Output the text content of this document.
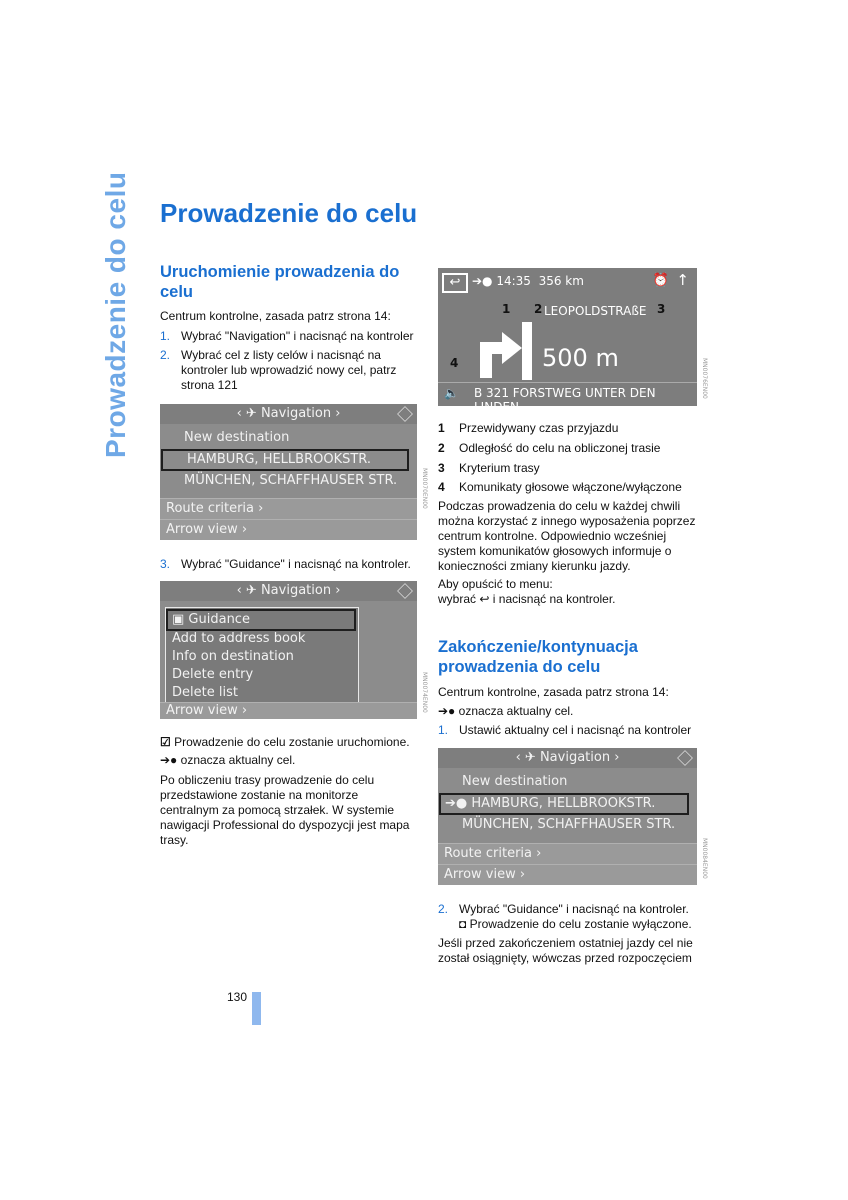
Prowadzenie do celu Prowadzenie do celu
Uruchomienie prowadzenia do celu

Centrum kontrolne, zasada patrz strona 14:

1. Wybrać "Navigation" i nacisnąć na kontroler
2. Wybrać cel z listy celów i nacisnąć na
kontroler lub wprowadzić nowy cel, patrz
strona 121
‹ ✈ Navigation ›
New destination
HAMBURG, HELLBROOKSTR.
MÜNCHEN, SCHAFFHAUSER STR.
Route criteria ›
Arrow view ›
MN0070EN00
3. Wybrać "Guidance" i nacisnąć na kontroler.
‹ ✈ Navigation ›
▣ Guidance
Add to address book
Info on destination
Delete entry
Delete list
Arrow view ›	MN0074EN00
☑ Prowadzenie do celu zostanie uruchomione.
➔● oznacza aktualny cel.
Po obliczeniu trasy prowadzenie do celu
przedstawione zostanie na monitorze
centralnym za pomocą strzałek. W systemie
nawigacji Professional do dyspozycji jest mapa
trasy.
↩ ➔● 14:35 356 km	⏰ ↑
1 2 LEOPOLDSTRAßE 3
500 m
4
🔈 B 321 FORSTWEG UNTER DEN LINDEN
MN0076EN00
1 Przewidywany czas przyjazdu
2 Odległość do celu na obliczonej trasie
3 Kryterium trasy
4 Komunikaty głosowe włączone/wyłączone
Podczas prowadzenia do celu w każdej chwili
można korzystać z innego wyposażenia poprzez
centrum kontrolne. Odpowiednio wcześniej
system komunikatów głosowych informuje o
konieczności zmiany kierunku jazdy.
Aby opuścić to menu:
wybrać ↩ i nacisnąć na kontroler.
Zakończenie/kontynuacja prowadzenia do celu

Centrum kontrolne, zasada patrz strona 14:

➔● oznacza aktualny cel.
1. Ustawić aktualny cel i nacisnąć na kontroler
‹ ✈ Navigation ›
New destination
➔● HAMBURG, HELLBROOKSTR.
MÜNCHEN, SCHAFFHAUSER STR.
Route criteria ›
Arrow view ›	MN0084EN00
2. Wybrać "Guidance" i nacisnąć na kontroler.
◘ Prowadzenie do celu zostanie wyłączone.
Jeśli przed zakończeniem ostatniej jazdy cel nie
został osiągnięty, wówczas przed rozpoczęciem
130
